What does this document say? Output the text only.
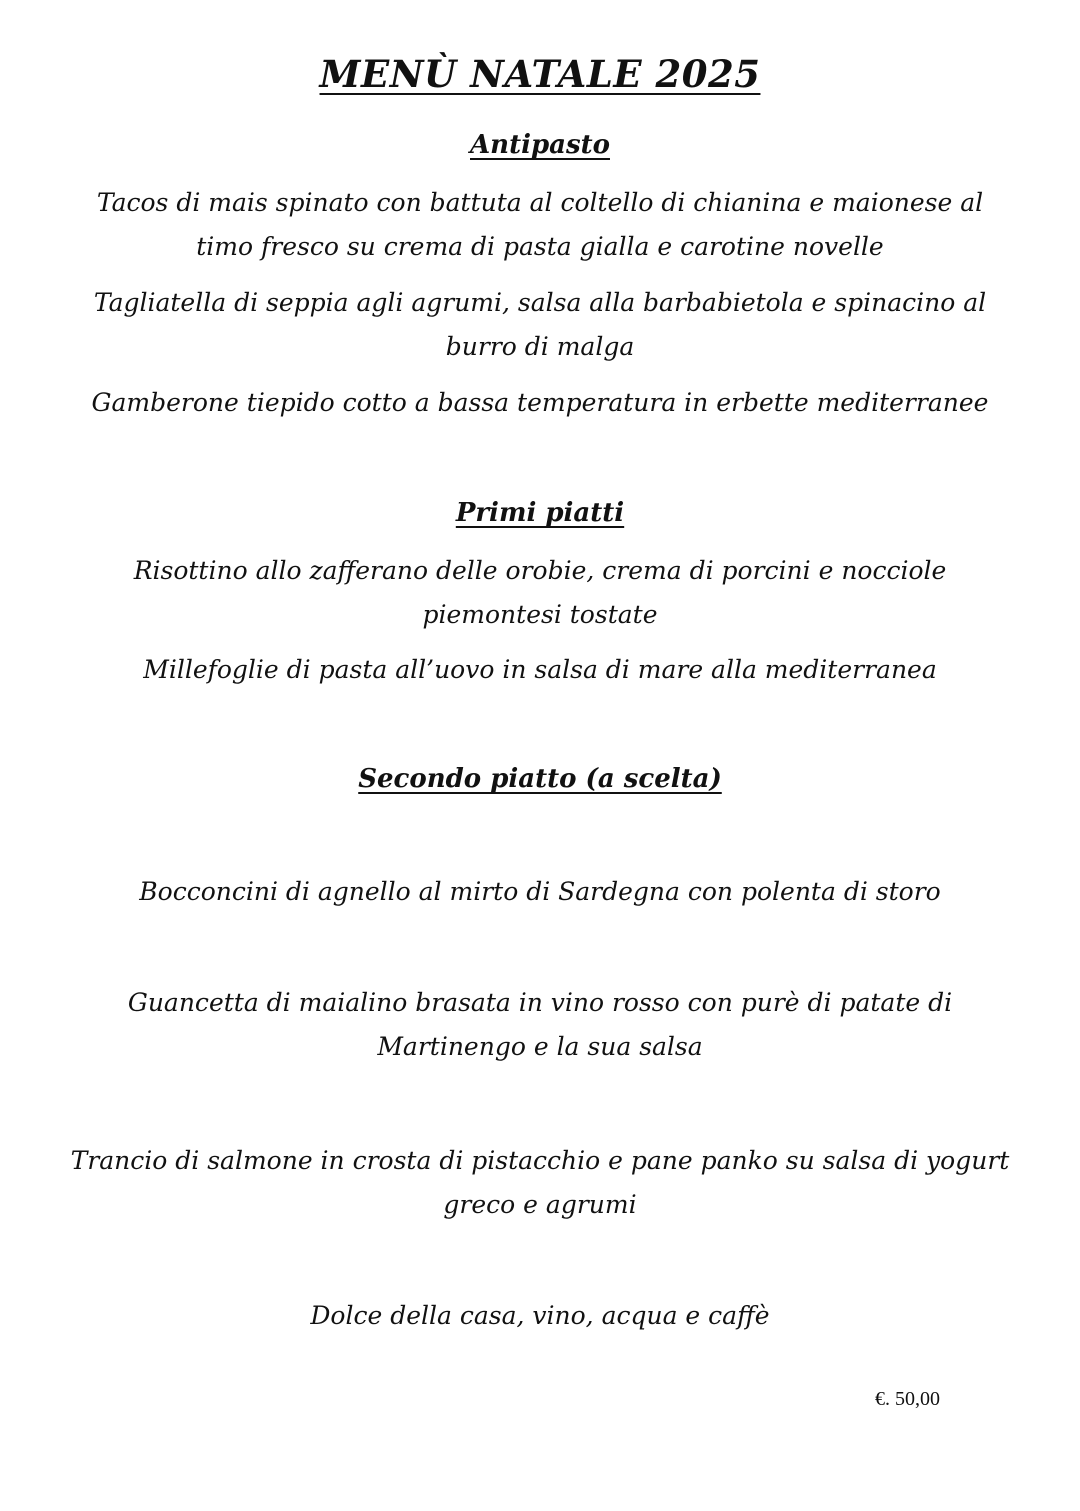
MENÙ NATALE 2025
Antipasto

Tacos di mais spinato con battuta al coltello di chianina e maionese al timo fresco su crema di pasta gialla e carotine novelle

Tagliatella di seppia agli agrumi, salsa alla barbabietola e spinacino al burro di malga

Gamberone tiepido cotto a bassa temperatura in erbette mediterranee

Primi piatti

Risottino allo zafferano delle orobie, crema di porcini e nocciole piemontesi tostate

Millefoglie di pasta all’uovo in salsa di mare alla mediterranea

Secondo piatto (a scelta)

Bocconcini di agnello al mirto di Sardegna con polenta di storo

Guancetta di maialino brasata in vino rosso con purè di patate di Martinengo e la sua salsa

Trancio di salmone in crosta di pistacchio e pane panko su salsa di yogurt greco e agrumi

Dolce della casa, vino, acqua e caffè

€. 50,00
